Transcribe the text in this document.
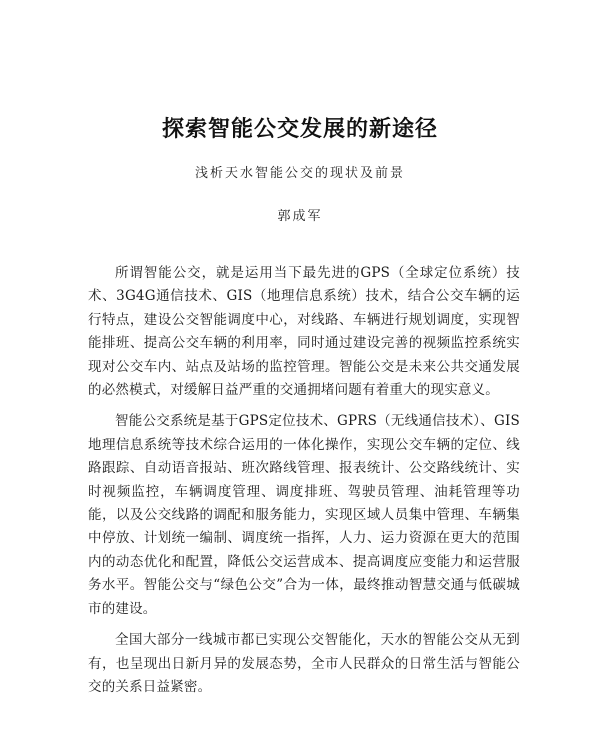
探索智能公交发展的新途径
浅析天水智能公交的现状及前景
郭成军

所谓智能公交，就是运用当下最先进的GPS（全球定位系统）技术、3G4G通信技术、GIS（地理信息系统）技术，结合公交车辆的运行特点，建设公交智能调度中心，对线路、车辆进行规划调度，实现智能排班、提高公交车辆的利用率，同时通过建设完善的视频监控系统实现对公交车内、站点及站场的监控管理。智能公交是未来公共交通发展的必然模式，对缓解日益严重的交通拥堵问题有着重大的现实意义。

智能公交系统是基于GPS定位技术、GPRS（无线通信技术）、GIS地理信息系统等技术综合运用的一体化操作，实现公交车辆的定位、线路跟踪、自动语音报站、班次路线管理、报表统计、公交路线统计、实时视频监控，车辆调度管理、调度排班、驾驶员管理、油耗管理等功能，以及公交线路的调配和服务能力，实现区域人员集中管理、车辆集中停放、计划统一编制、调度统一指挥，人力、运力资源在更大的范围内的动态优化和配置，降低公交运营成本、提高调度应变能力和运营服务水平。智能公交与“绿色公交”合为一体，最终推动智慧交通与低碳城市的建设。

全国大部分一线城市都已实现公交智能化，天水的智能公交从无到有，也呈现出日新月异的发展态势，全市人民群众的日常生活与智能公交的关系日益紧密。
